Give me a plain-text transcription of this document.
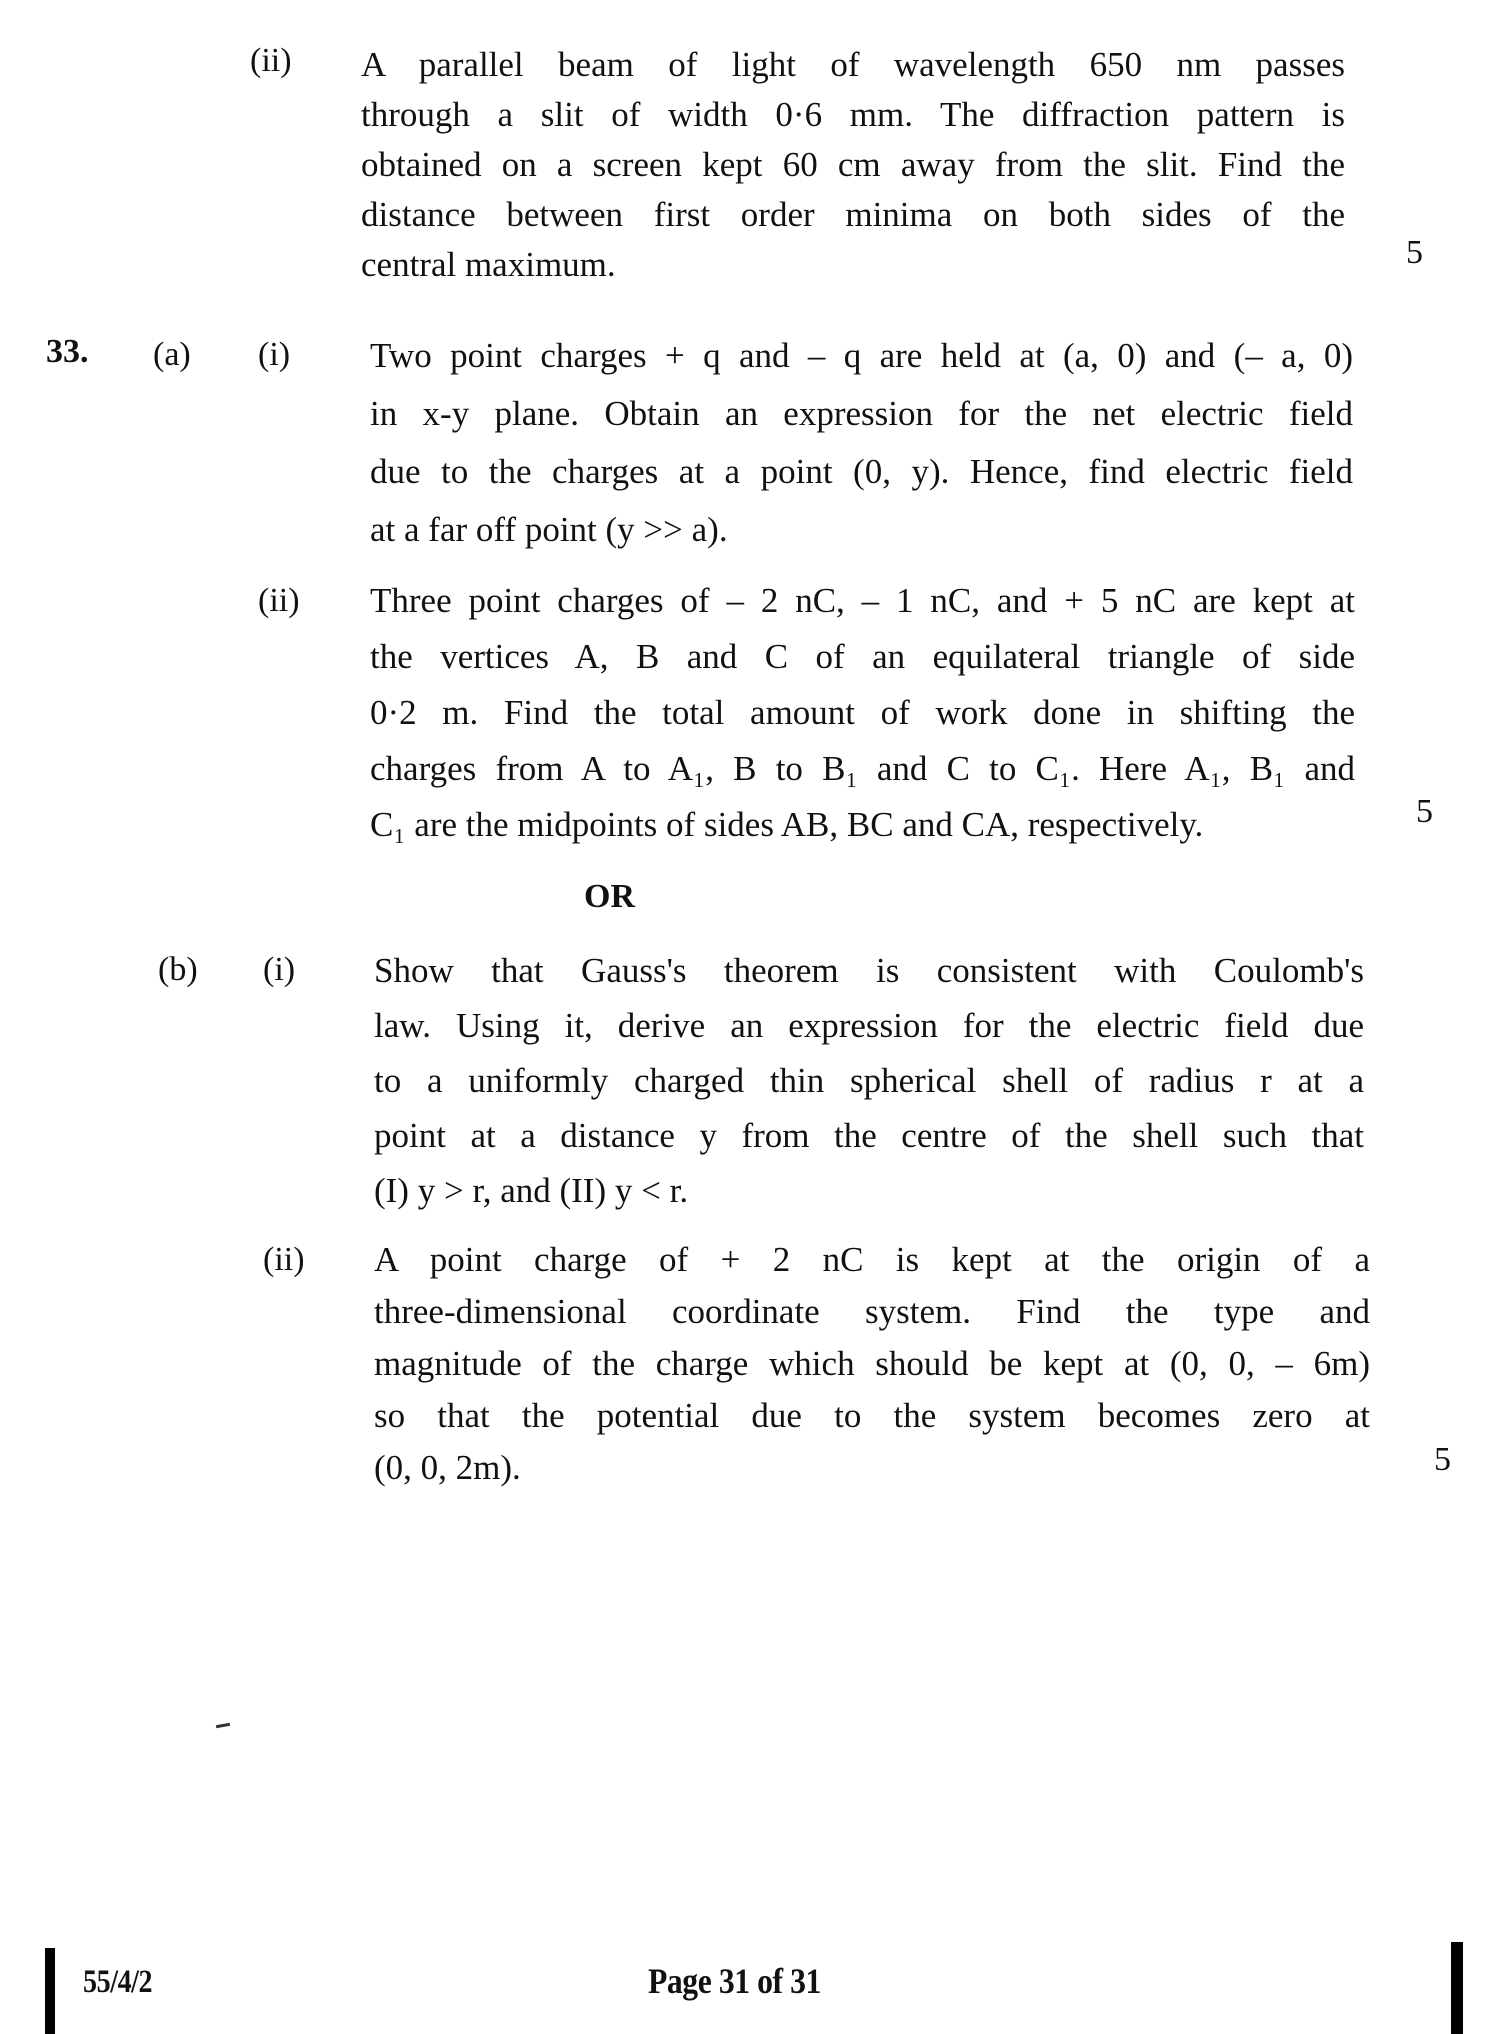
(ii) A parallel beam of light of wavelength 650 nm passes
through a slit of width 0·6 mm. The diffraction pattern is
obtained on a screen kept 60 cm away from the slit. Find the
distance between first order minima on both sides of the
central maximum.	5
33. (a) (i) Two point charges + q and – q are held at (a, 0) and (– a, 0)
in x-y plane. Obtain an expression for the net electric field
due to the charges at a point (0, y). Hence, find electric field
at a far off point (y >> a).
(ii) Three point charges of – 2 nC, – 1 nC, and + 5 nC are kept at
the vertices A, B and C of an equilateral triangle of side
0·2 m. Find the total amount of work done in shifting the
charges from A to A₁, B to B₁ and C to C₁. Here A₁, B₁ and
C₁ are the midpoints of sides AB, BC and CA, respectively.	5
OR
(b) (i) Show that Gauss's theorem is consistent with Coulomb's
law. Using it, derive an expression for the electric field due
to a uniformly charged thin spherical shell of radius r at a
point at a distance y from the centre of the shell such that
(I) y > r, and (II) y < r.
(ii) A point charge of + 2 nC is kept at the origin of a
three-dimensional coordinate system. Find the type and
magnitude of the charge which should be kept at (0, 0, – 6m)
so that the potential due to the system becomes zero at
(0, 0, 2m).	5
55/4/2	Page 31 of 31
